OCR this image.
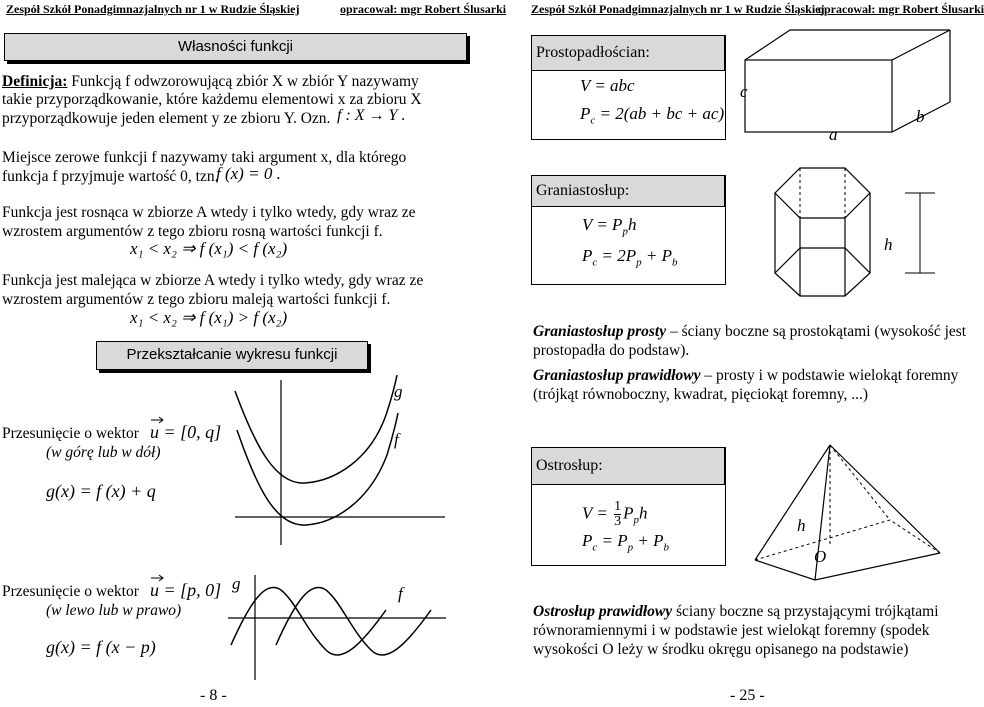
Zespół Szkół Ponadgimnazjalnych nr 1 w Rudzie Śląskiej	opracował: mgr Robert Ślusarki
Własności funkcji
Definicja: Funkcją f odwzorowującą zbiór X w zbiór Y nazywamy
takie przyporządkowanie, które każdemu elementowi x za zbioru X
przyporządkowuje jeden element y ze zbioru Y. Ozn. f : X → Y .
Miejsce zerowe funkcji f nazywamy taki argument x, dla którego
funkcja f przyjmuje wartość 0, tzn.
f (x) = 0 .
Funkcja jest rosnąca w zbiorze A wtedy i tylko wtedy, gdy wraz ze
wzrostem argumentów z tego zbioru rosną wartości funkcji f.
x₁ < x₂ ⇒ f (x₁) < f (x₂)
Funkcja jest malejąca w zbiorze A wtedy i tylko wtedy, gdy wraz ze
wzrostem argumentów z tego zbioru maleją wartości funkcji f.
x₁ < x₂ ⇒ f (x₁) > f (x₂)
Przekształcanie wykresu funkcji
Przesunięcie o wektor u = [0, q]
(w górę lub w dół)
g(x) = f (x) + q
g
f
Przesunięcie o wektor u = [p, 0]
(w lewo lub w prawo)
g(x) = f (x − p)
g
f
- 8 -
Zespół Szkół Ponadgimnazjalnych nr 1 w Rudzie Śląskiej
opracował: mgr Robert Ślusarki
Prostopadłościan:
V = abc
$P_c = 2(ab$ + bc + ac)
c
a
b
Graniastosłup:
$V = P_ph$
$P_c = 2P_p + P_b$
h
Graniastosłup prosty – ściany boczne są prostokątami (wysokość jest
prostopadła do podstaw).
Graniastosłup prawidłowy – prosty i w podstawie wielokąt foremny
(trójkąt równoboczny, kwadrat, pięciokąt foremny, ...)
Ostrosłup:
$V = \frac{1}{3} P_ph$
$P_c = P_p + P_b$
h
O
Ostrosłup prawidłowy ściany boczne są przystającymi trójkątami
równoramiennymi i w podstawie jest wielokąt foremny (spodek
wysokości O leży w środku okręgu opisanego na podstawie)
- 25 -
